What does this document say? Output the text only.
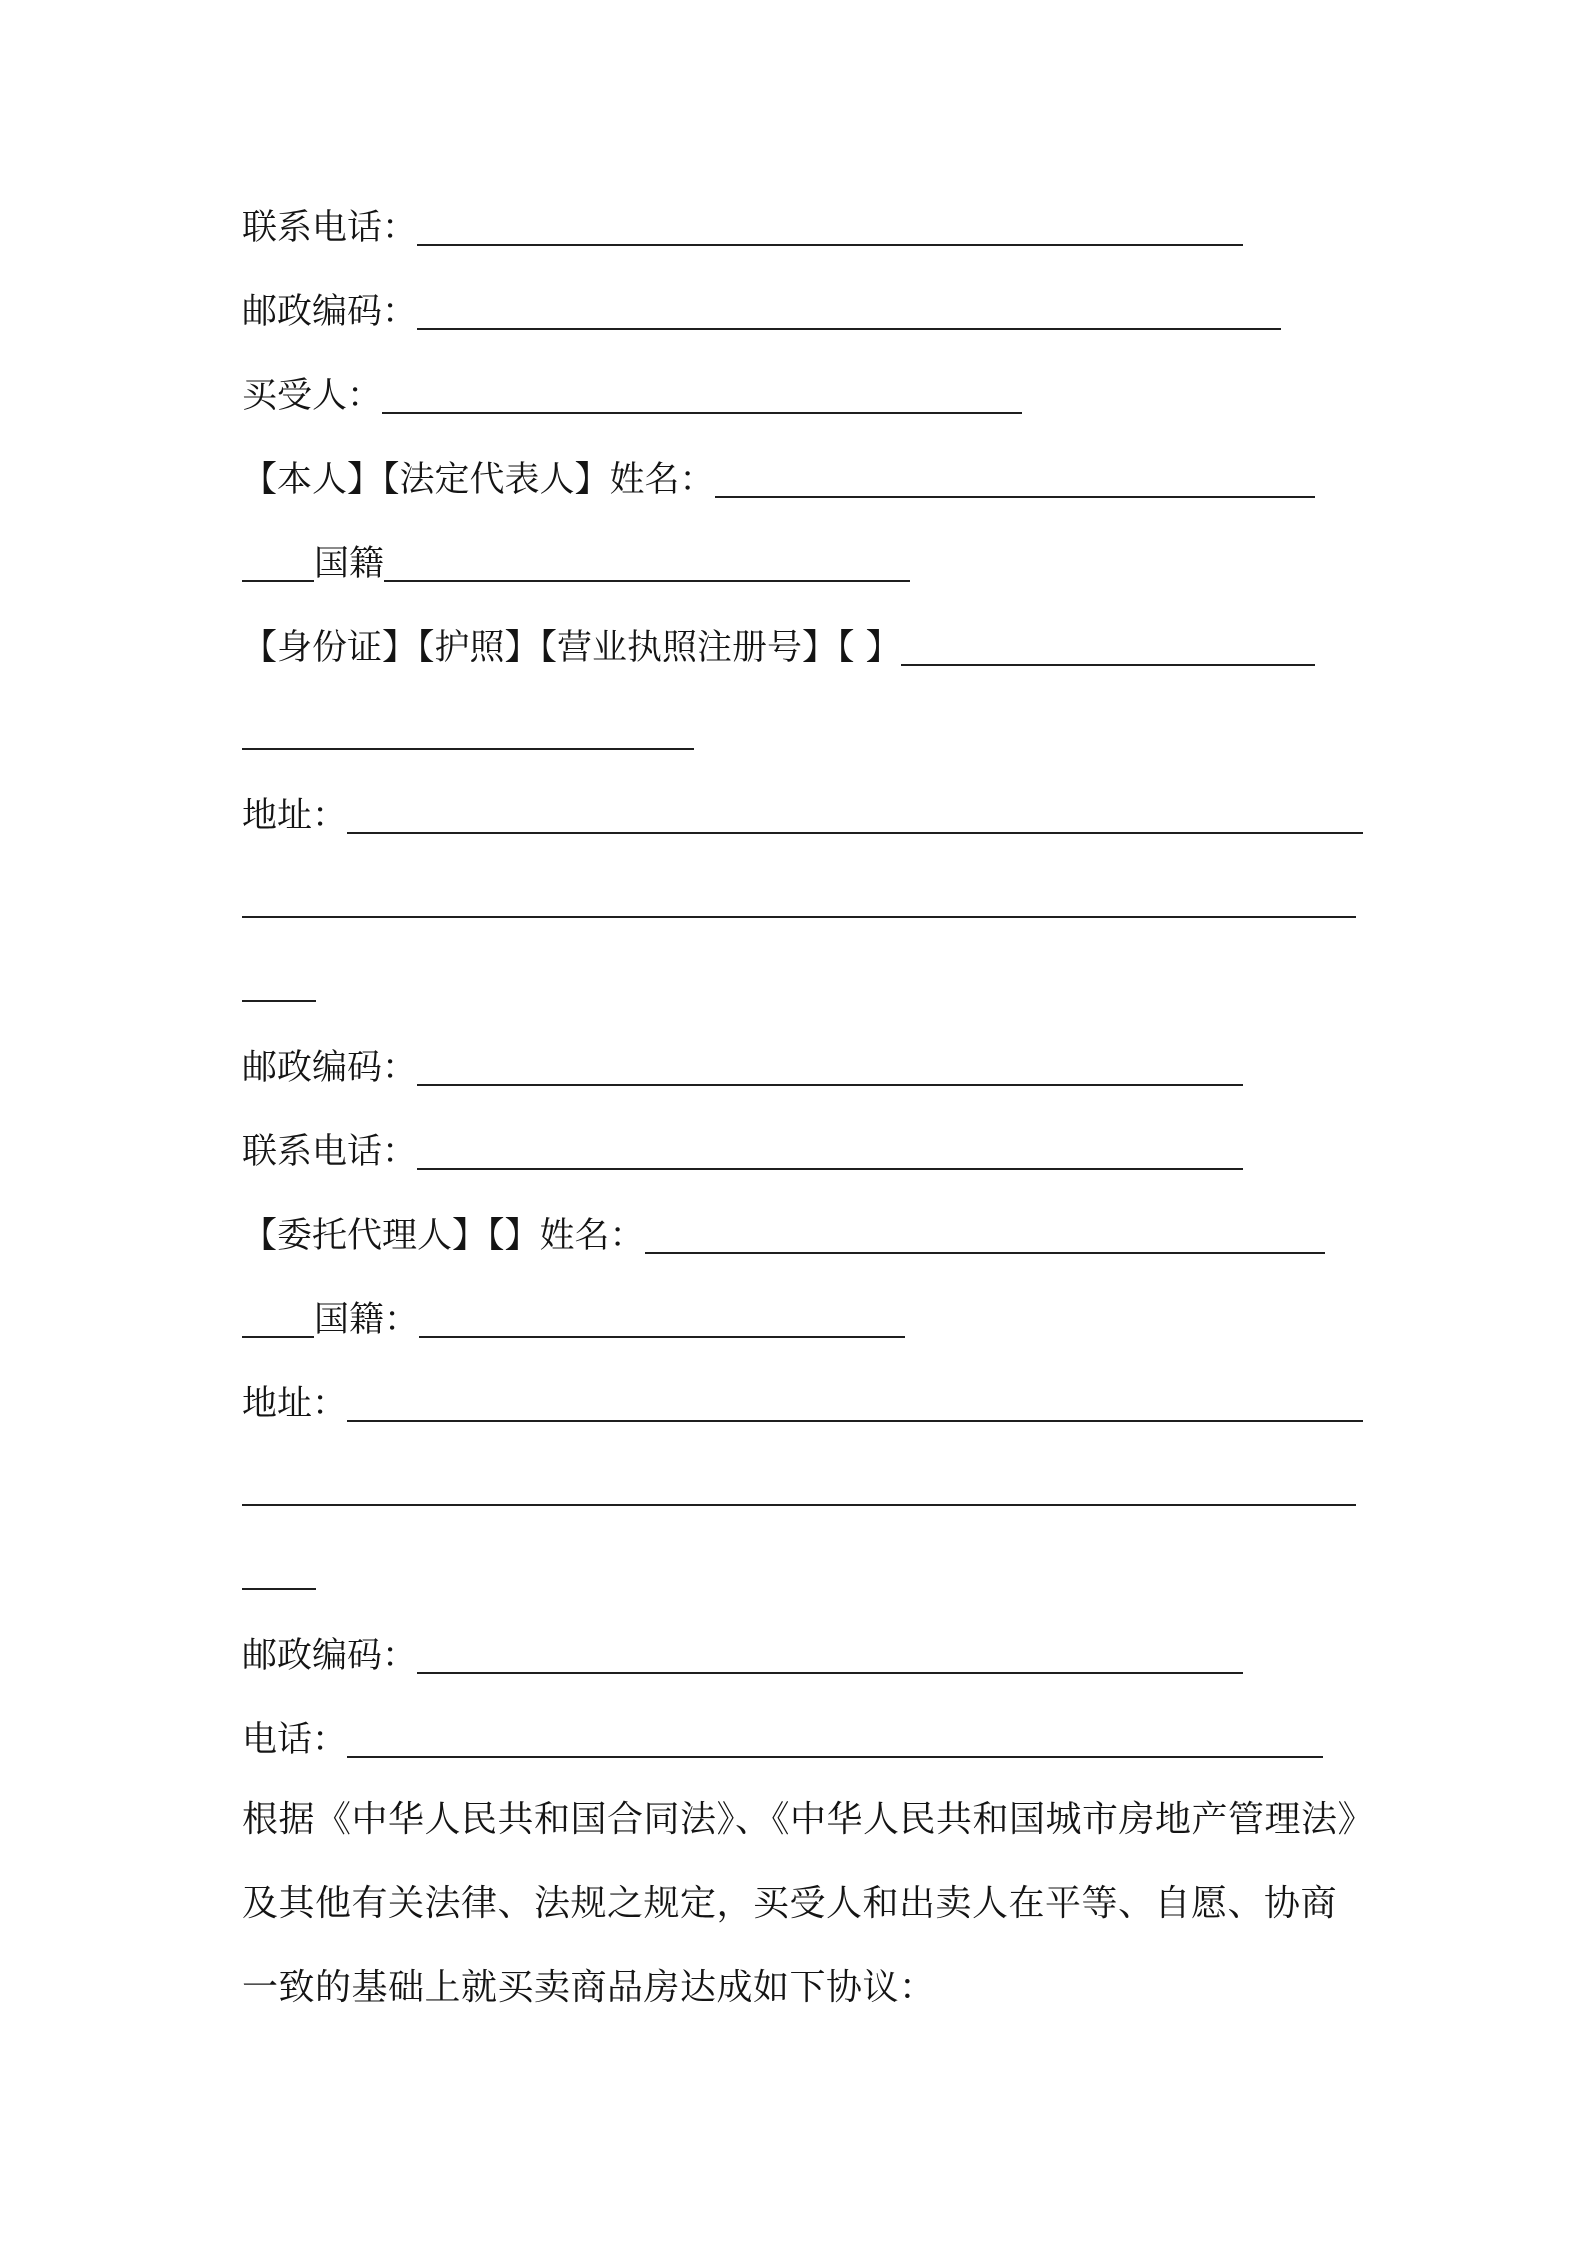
联系电话：
邮政编码：
买受人：
【本人】【法定代表人】姓名：
国籍
【身份证】【护照】【营业执照注册号】【 】
地址：
邮政编码：
联系电话：
【委托代理人】【】姓名：
国籍：
地址：
邮政编码：
电话：

根据《中华人民共和国合同法》、《中华人民共和国城市房地产管理法》

及其他有关法律、法规之规定，买受人和出卖人在平等、自愿、协商

一致的基础上就买卖商品房达成如下协议：
